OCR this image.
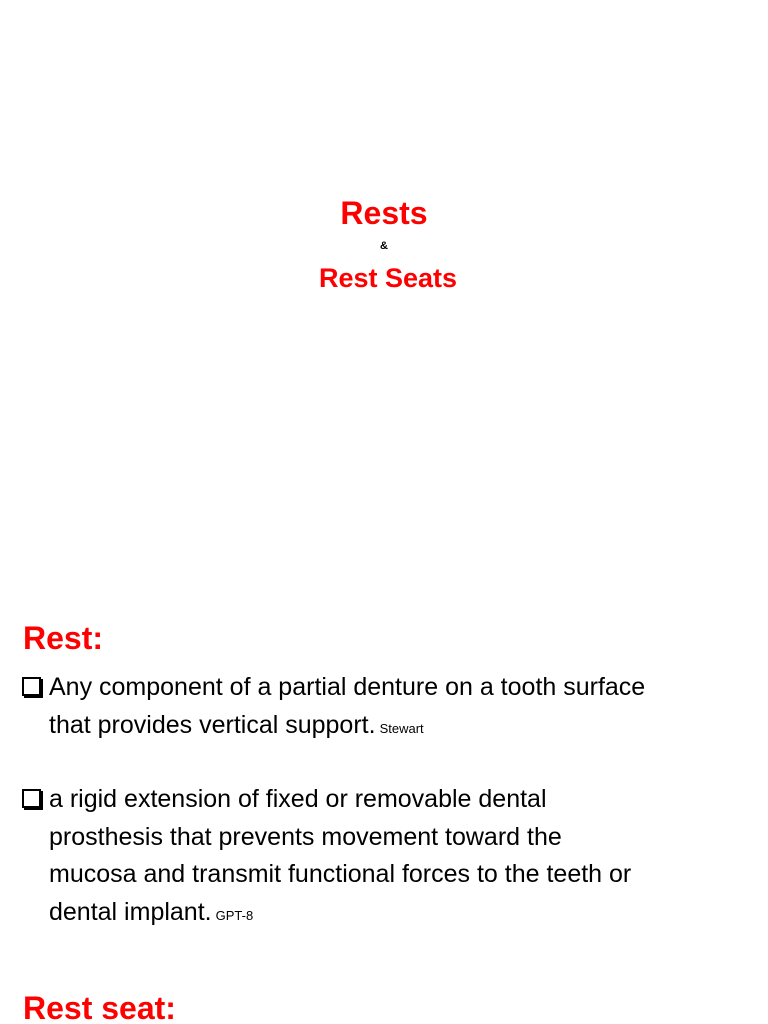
Rests
&
Rest Seats
Rest:
Any component of a partial denture on a tooth surface
that provides vertical support. Stewart
a rigid extension of fixed or removable dental
prosthesis that prevents movement toward the
mucosa and transmit functional forces to the teeth or
dental implant. GPT-8
Rest seat:
